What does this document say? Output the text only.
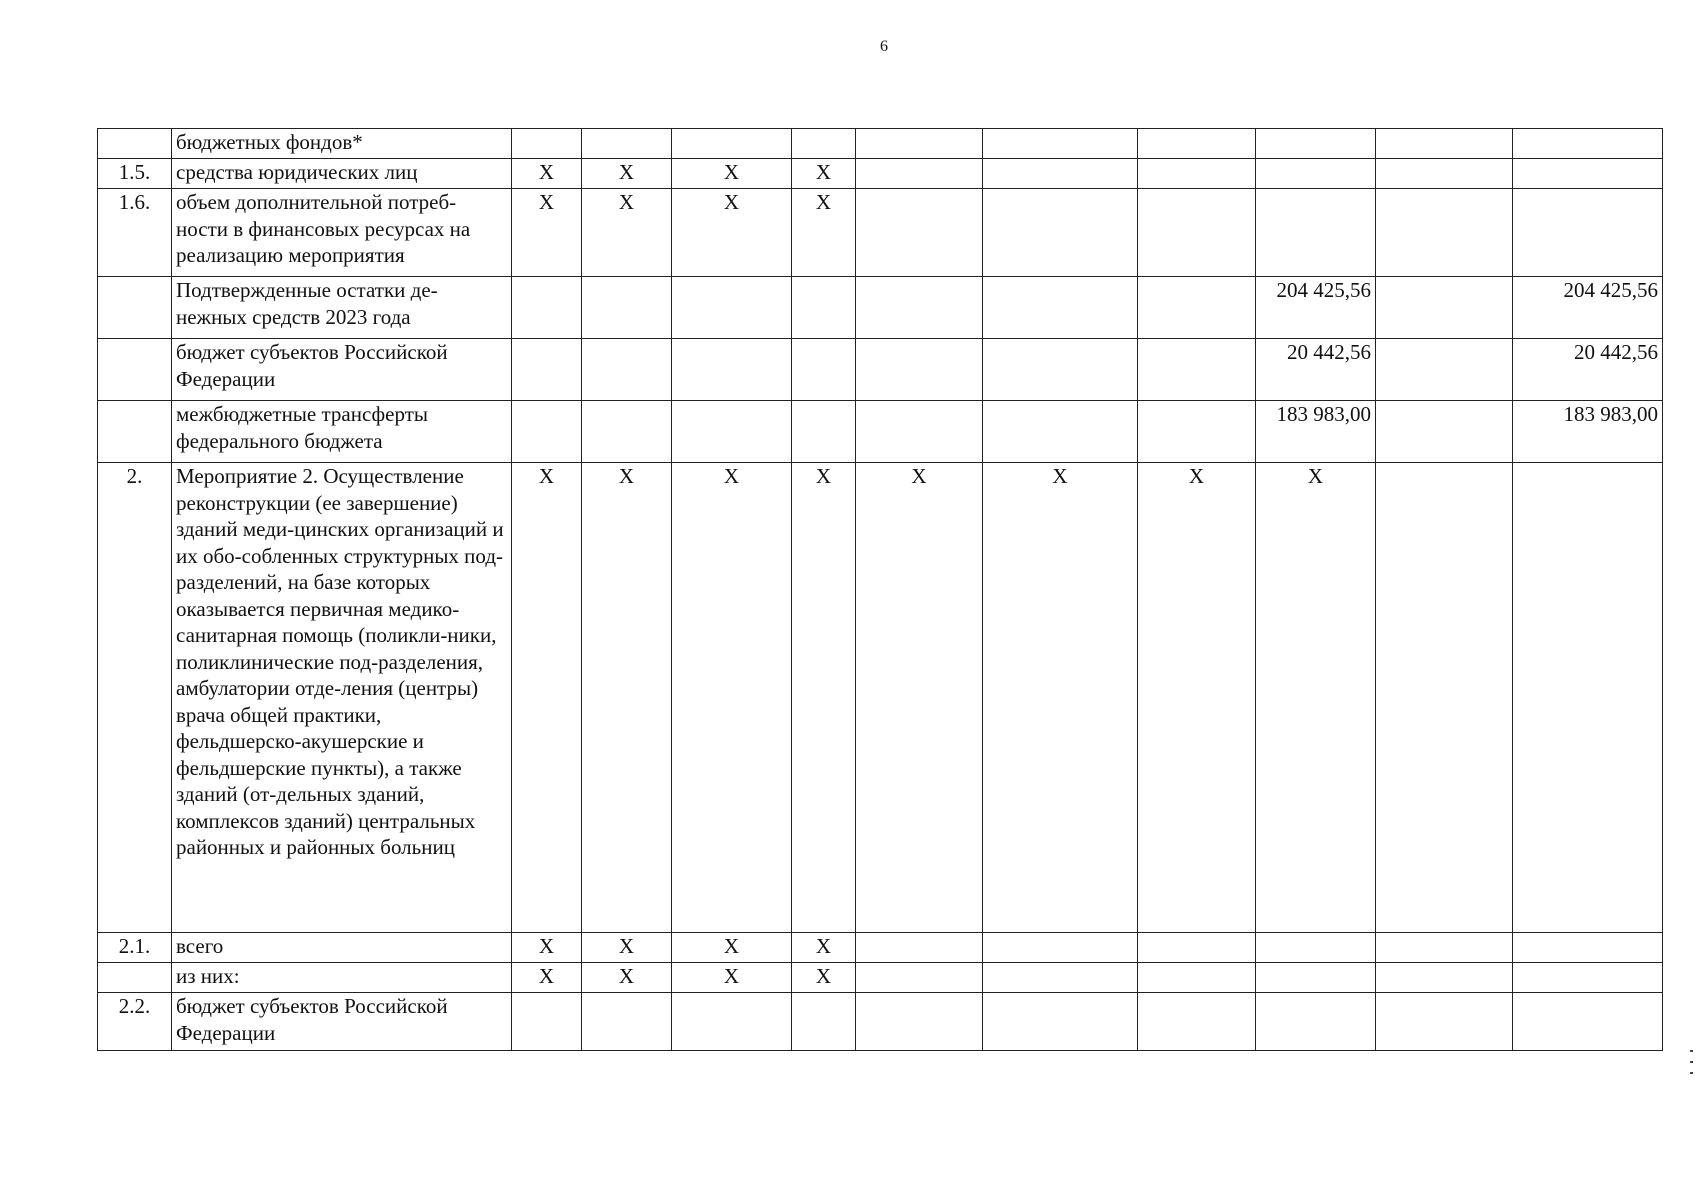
6
	бюджетных фондов*										
1.5.	средства юридических лиц	X	X	X	X						
1.6.	объем дополнительной потреб-ности в финансовых ресурсах на реализацию мероприятия	X	X	X	X						
	Подтвержденные остатки де-нежных средств 2023 года								204 425,56		204 425,56
	бюджет субъектов Российской Федерации								20 442,56		20 442,56
	межбюджетные трансферты федерального бюджета								183 983,00		183 983,00
2.	Мероприятие 2. Осуществление реконструкции (ее завершение) зданий меди-цинских организаций и их обо-собленных структурных под-разделений, на базе которых оказывается первичная медико-санитарная помощь (поликли-ники, поликлинические под-разделения, амбулатории отде-ления (центры) врача общей практики, фельдшерско-акушерские и фельдшерские пункты), а также зданий (от-дельных зданий, комплексов зданий) центральных районных и районных больниц	X	X	X	X	X	X	X	X		
2.1.	всего	X	X	X	X						
	из них:	X	X	X	X						
2.2.	бюджет субъектов Российской Федерации										
